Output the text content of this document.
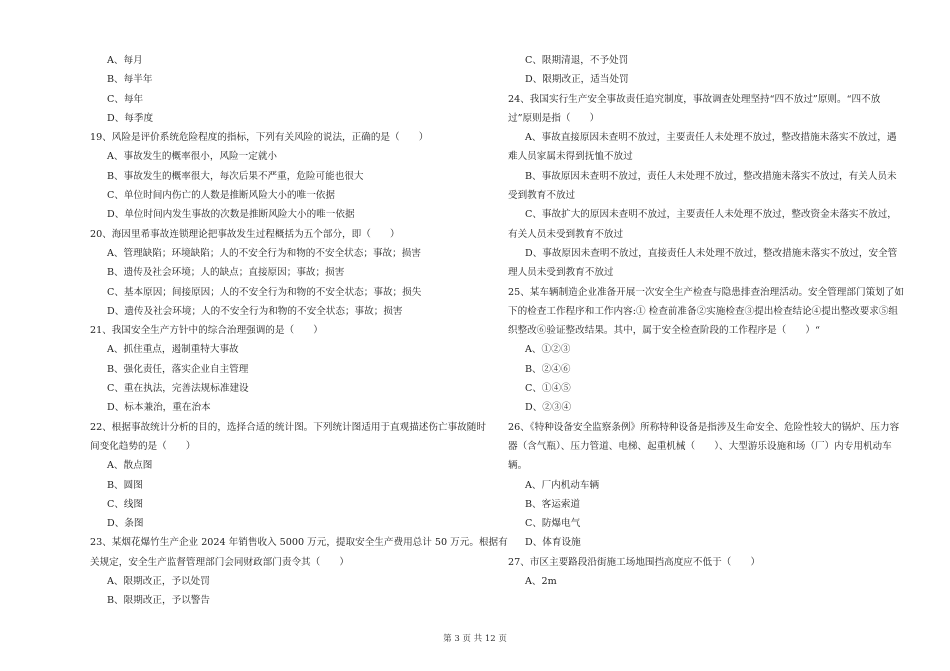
A、每月
B、每半年
C、每年
D、每季度
19、风险是评价系统危险程度的指标，下列有关风险的说法，正确的是（　　）
A、事故发生的概率很小，风险一定就小
B、事故发生的概率很大，每次后果不严重，危险可能也很大
C、单位时间内伤亡的人数是推断风险大小的唯一依据
D、单位时间内发生事故的次数是推断风险大小的唯一依据
20、海因里希事故连锁理论把事故发生过程概括为五个部分，即（　　）
A、管理缺陷；环境缺陷；人的不安全行为和物的不安全状态；事故；损害
B、遗传及社会环境；人的缺点；直接原因；事故；损害
C、基本原因；间接原因；人的不安全行为和物的不安全状态；事故；损失
D、遗传及社会环境；人的不安全行为和物的不安全状态；事故；损害
21、我国安全生产方针中的综合治理强调的是（　　）
A、抓住重点，遏制重特大事故
B、强化责任，落实企业自主管理
C、重在执法，完善法规标准建设
D、标本兼治，重在治本
22、根据事故统计分析的目的，选择合适的统计图。下列统计图适用于直观描述伤亡事故随时
间变化趋势的是（　　）
A、散点图
B、圆图
C、线图
D、条图
23、某烟花爆竹生产企业 2024 年销售收入 5000 万元，提取安全生产费用总计 50 万元。根据有
关规定，安全生产监督管理部门会同财政部门责令其（　　）
A、限期改正，予以处罚
B、限期改正，予以警告
C、限期清退，不予处罚
D、限期改正，适当处罚
24、我国实行生产安全事故责任追究制度，事故调查处理坚持“四不放过”原则。“四不放
过”原则是指（　　）
A、事故直接原因未查明不放过，主要责任人未处理不放过，整改措施未落实不放过，遇
难人员家属未得到抚恤不放过
B、事故原因未查明不放过，责任人未处理不放过，整改措施未落实不放过，有关人员未
受到教育不放过
C、事故扩大的原因未查明不放过，主要责任人未处理不放过，整改资金未落实不放过，
有关人员未受到教育不放过
D、事故原因未查明不放过，直接责任人未处理不放过，整改措施未落实不放过，安全管
理人员未受到教育不放过
25、某车辆制造企业准备开展一次安全生产检查与隐患排查治理活动。安全管理部门策划了如
下的检查工作程序和工作内容:① 检查前准备②实施检查③提出检查结论④提出整改要求⑤组
织整改⑥验证整改结果。其中，属于安全检查阶段的工作程序是（　　）“
A、①②③
B、②④⑥
C、①④⑤
D、②③④
26、《特种设备安全监察条例》所称特种设备是指涉及生命安全、危险性较大的锅炉、压力容
器（含气瓶）、压力管道、电梯、起重机械（　　）、大型游乐设施和场（厂）内专用机动车
辆。
A、厂内机动车辆
B、客运索道
C、防爆电气
D、体育设施
27、市区主要路段沿街施工场地围挡高度应不低于（　　）
A、2m
第 3 页 共 12 页
